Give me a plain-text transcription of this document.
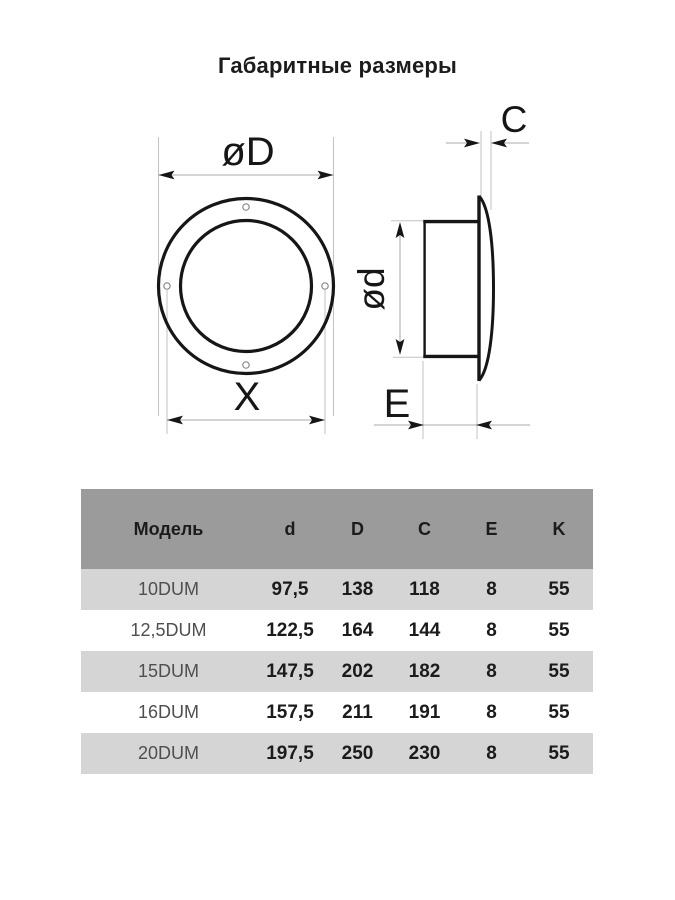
Габаритные размеры
øD
X
C
ød
E
Модель	d	D	C	E	K
10DUM	97,5	138	118	8	55
12,5DUM	122,5	164	144	8	55
15DUM	147,5	202	182	8	55
16DUM	157,5	211	191	8	55
20DUM	197,5	250	230	8	55
